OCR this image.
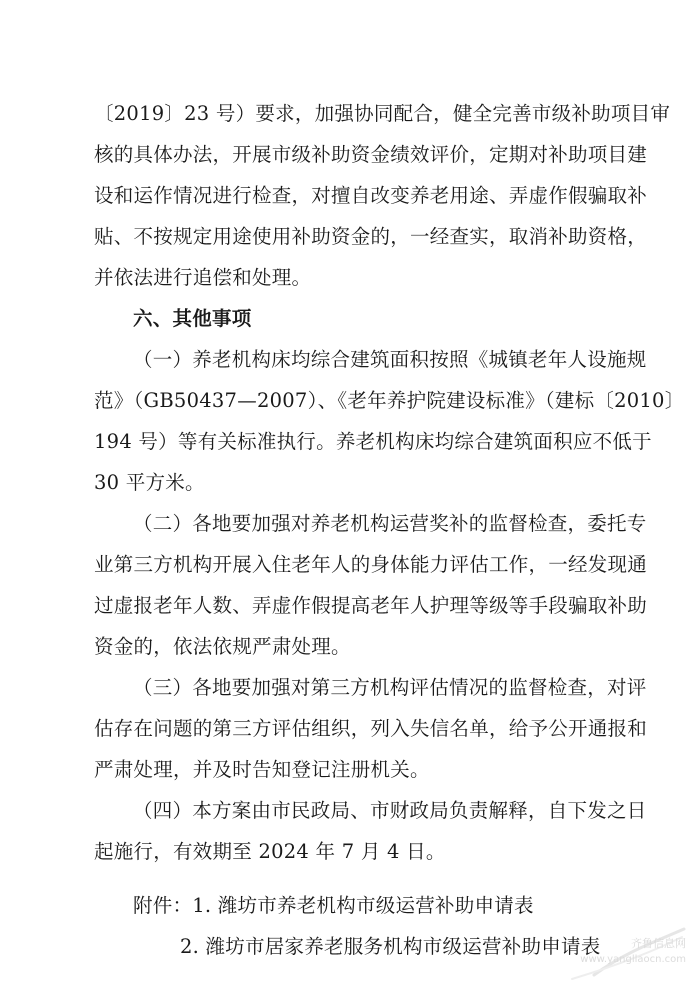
〔2019〕23 号）要求，加强协同配合，健全完善市级补助项目审
核的具体办法，开展市级补助资金绩效评价，定期对补助项目建
设和运作情况进行检查，对擅自改变养老用途、弄虚作假骗取补
贴、不按规定用途使用补助资金的，一经查实，取消补助资格，
并依法进行追偿和处理。
六、其他事项
（一）养老机构床均综合建筑面积按照《城镇老年人设施规
范》（GB50437—2007）、《老年养护院建设标准》（建标〔2010〕
194 号）等有关标准执行。养老机构床均综合建筑面积应不低于
30 平方米。
（二）各地要加强对养老机构运营奖补的监督检查，委托专
业第三方机构开展入住老年人的身体能力评估工作，一经发现通
过虚报老年人数、弄虚作假提高老年人护理等级等手段骗取补助
资金的，依法依规严肃处理。
（三）各地要加强对第三方机构评估情况的监督检查，对评
估存在问题的第三方评估组织，列入失信名单，给予公开通报和
严肃处理，并及时告知登记注册机关。
（四）本方案由市民政局、市财政局负责解释，自下发之日
起施行，有效期至 2024 年 7 月 4 日。
附件：1. 潍坊市养老机构市级运营补助申请表
2. 潍坊市居家养老服务机构市级运营补助申请表	齐鲁信息网
www.yangllaocn.com
